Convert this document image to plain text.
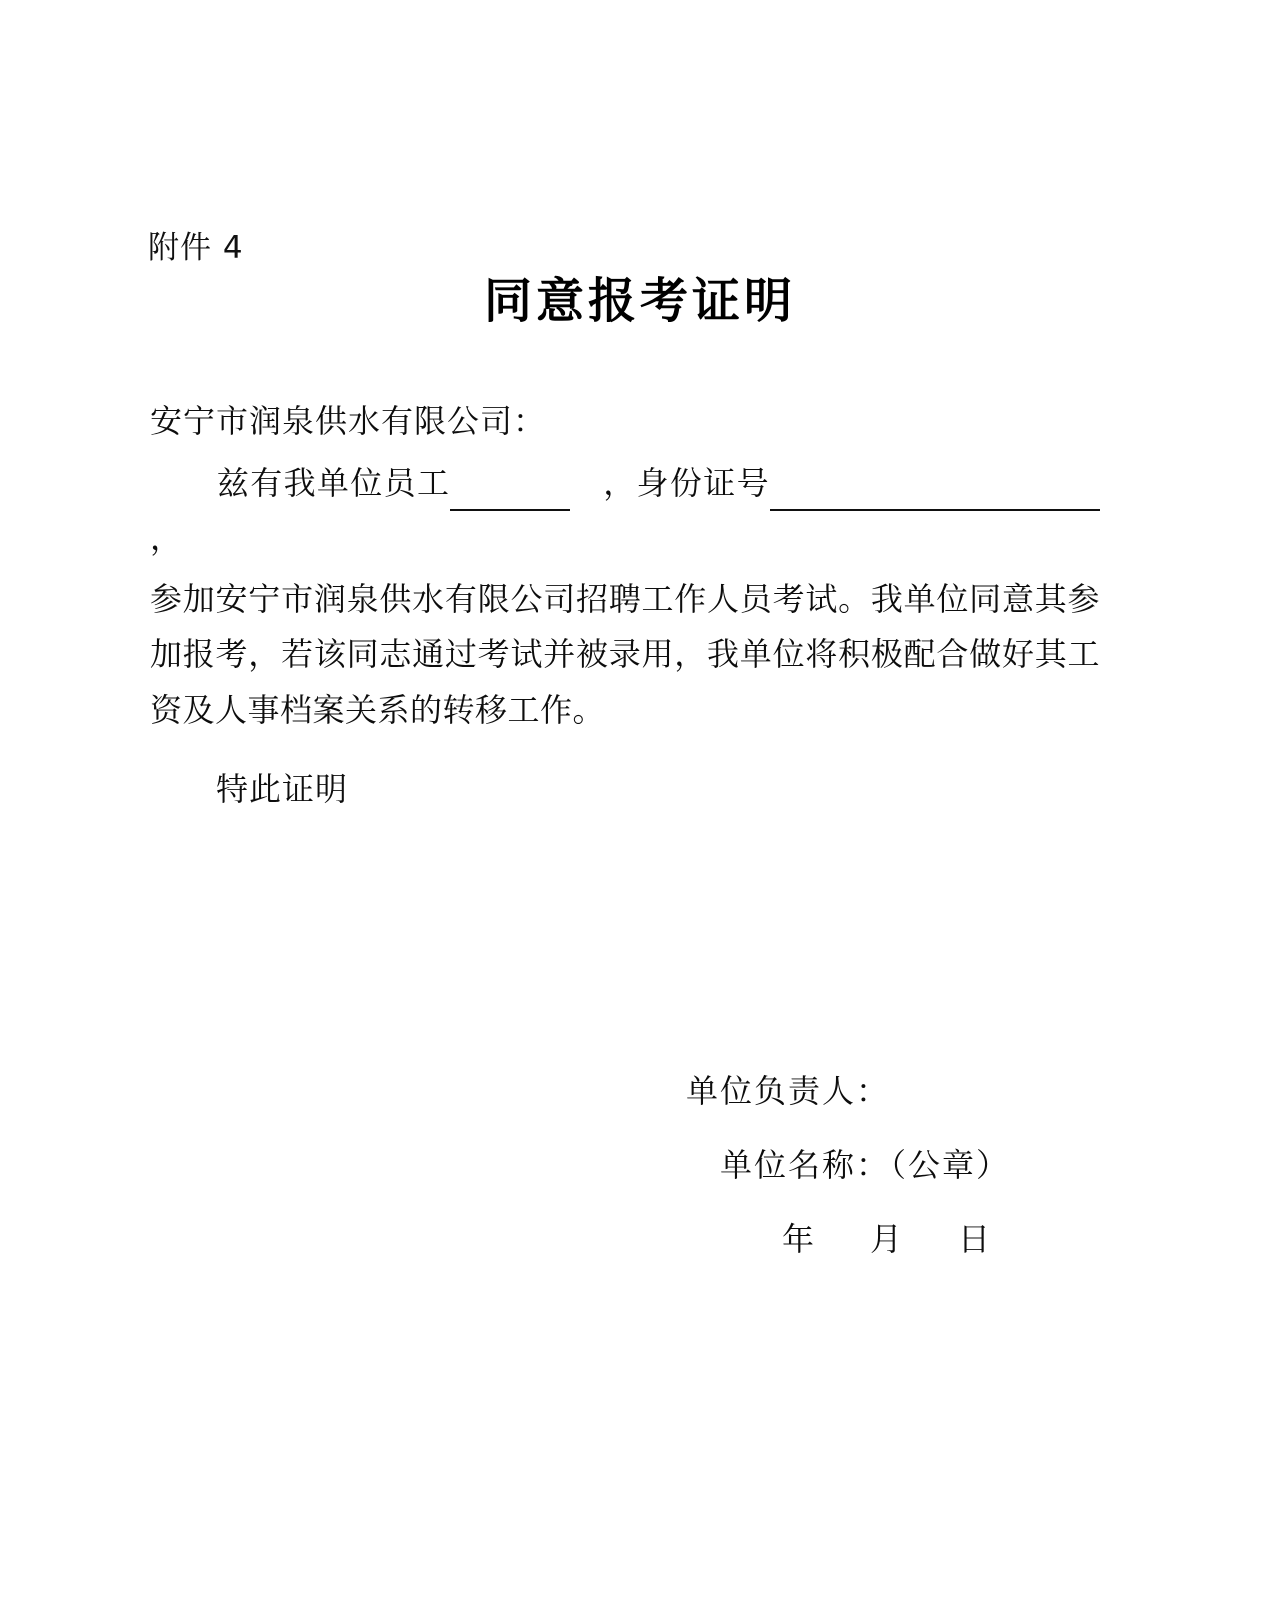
附件 4
同意报考证明
安宁市润泉供水有限公司：
兹有我单位员工	，身份证号，
参加安宁市润泉供水有限公司招聘工作人员考试。我单位同意其参加报考，若该同志通过考试并被录用，我单位将积极配合做好其工资及人事档案关系的转移工作。
特此证明
单位负责人：
单位名称：（公章）
年 月 日
